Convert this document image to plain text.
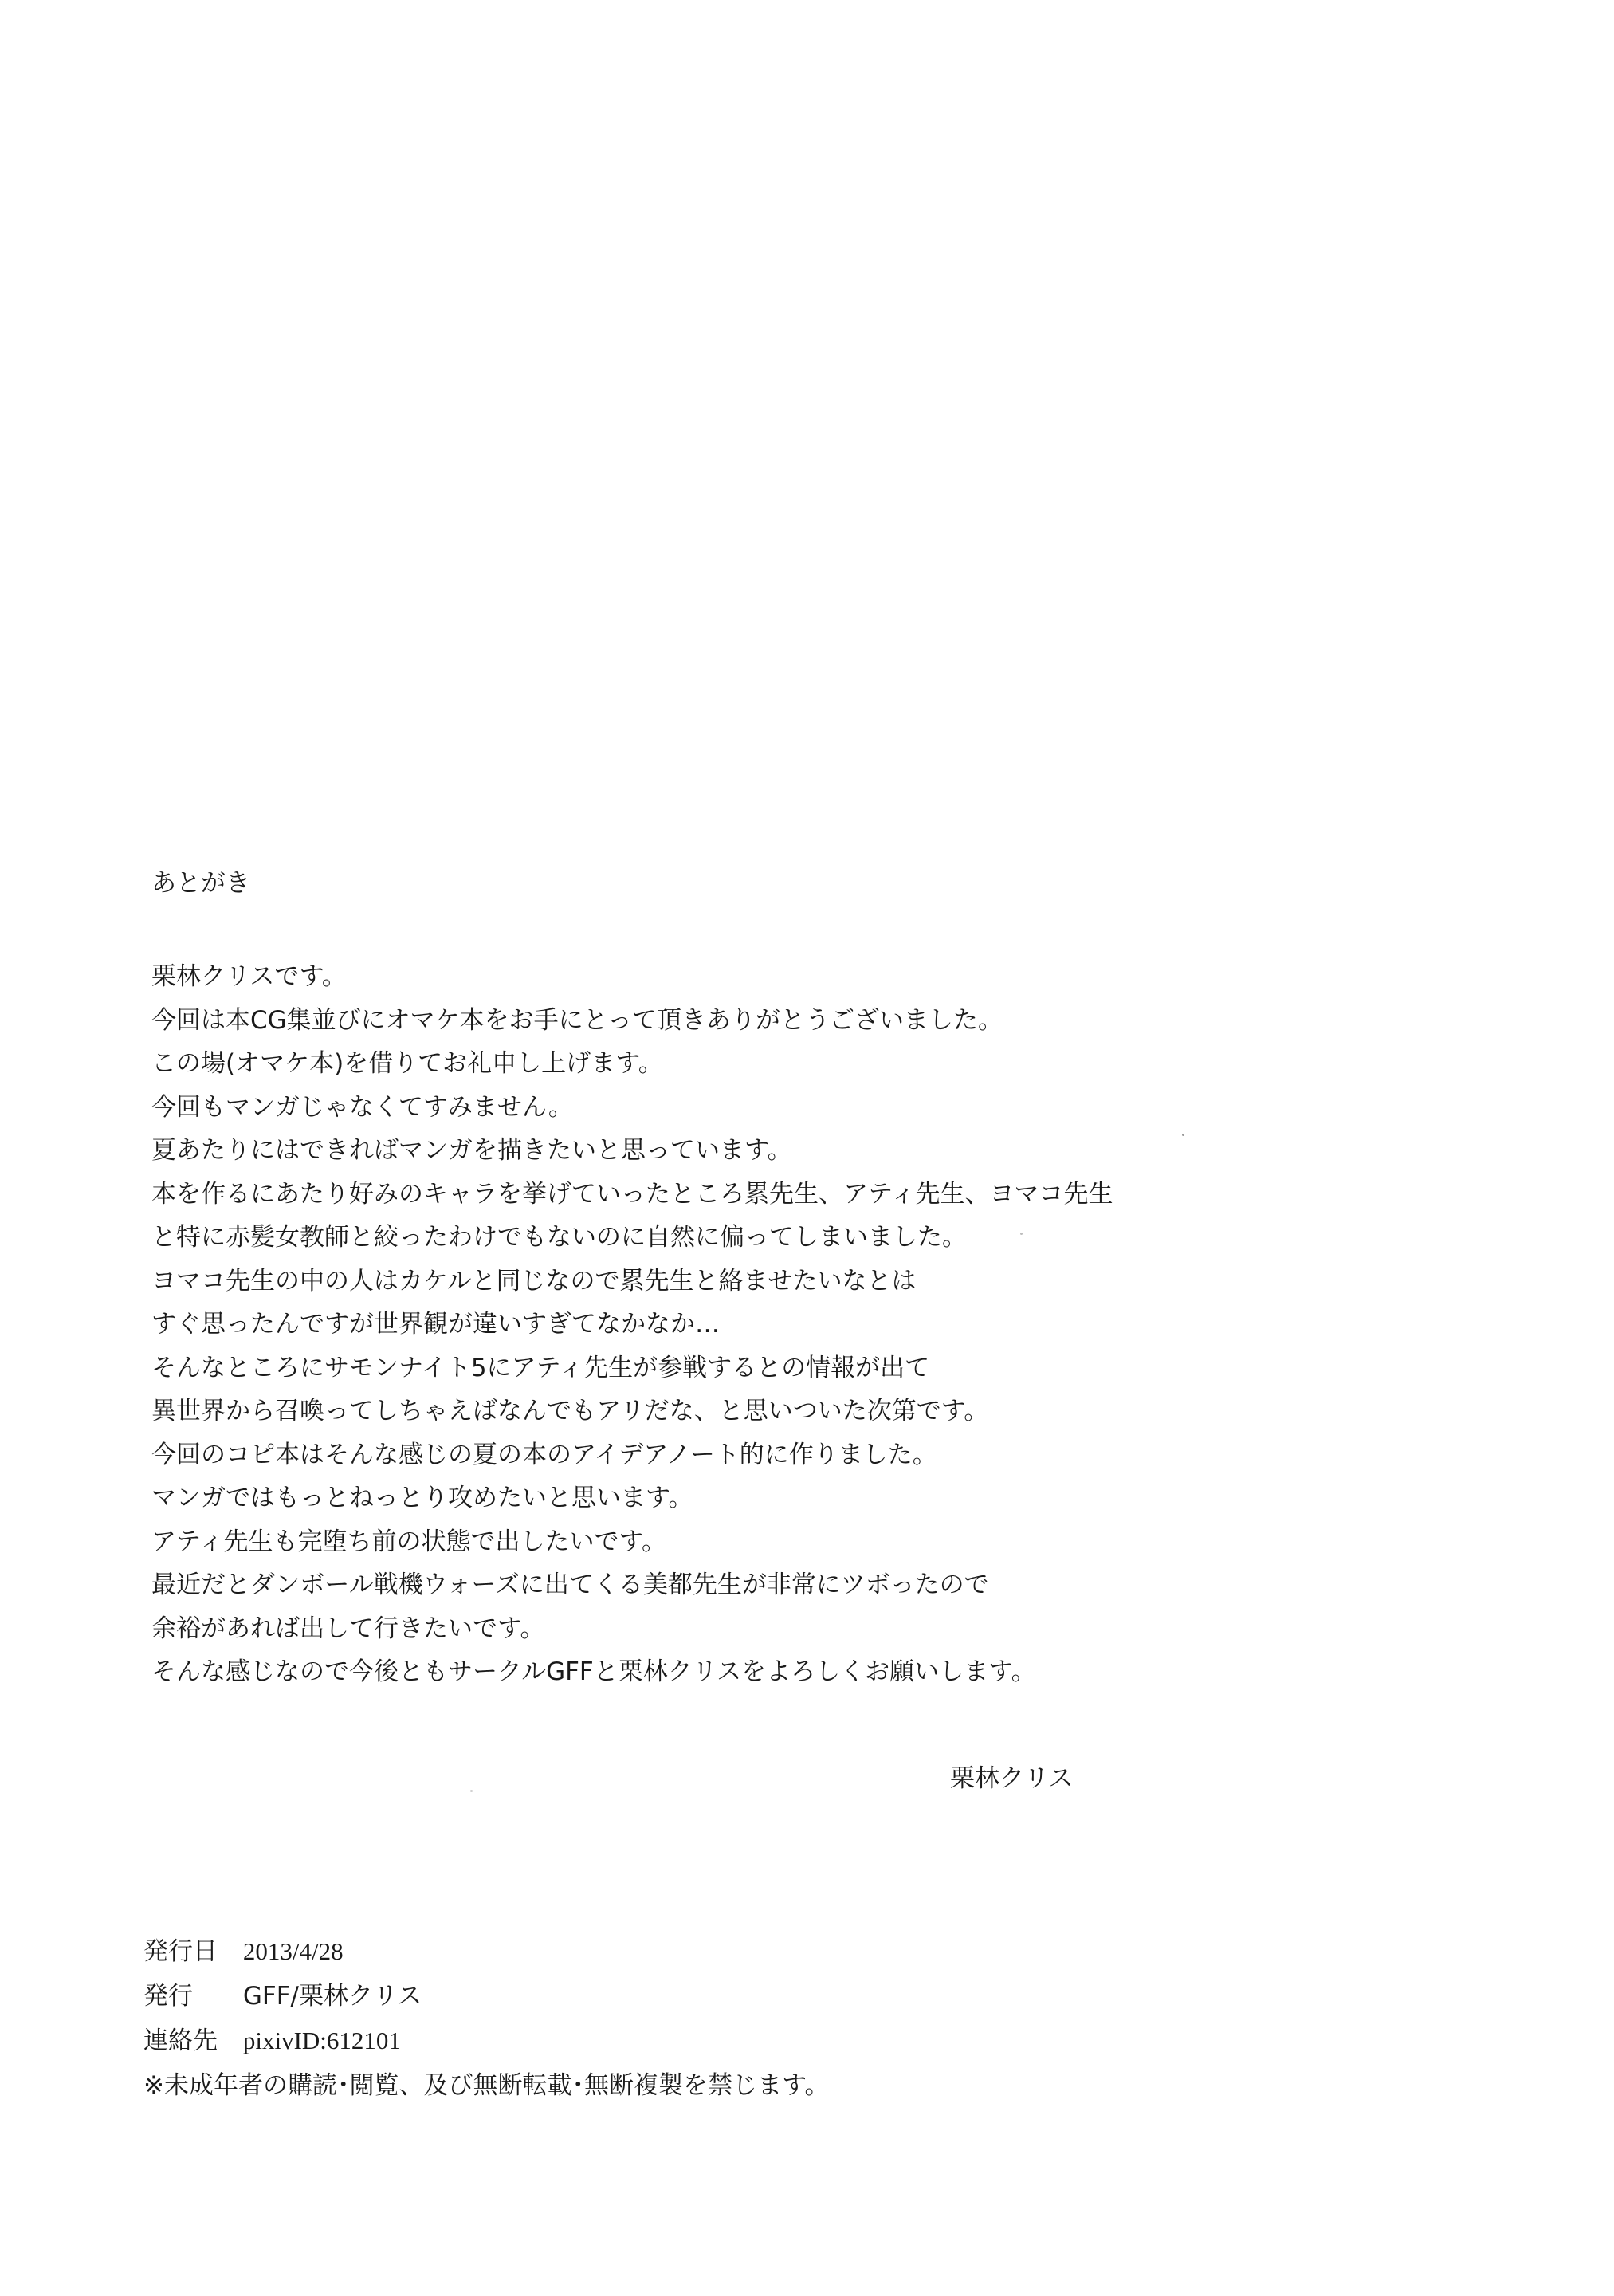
あとがき
栗林クリスです。
今回は本CG集並びにオマケ本をお手にとって頂きありがとうございました。
この場(オマケ本)を借りてお礼申し上げます。
今回もマンガじゃなくてすみません。
夏あたりにはできればマンガを描きたいと思っています。
本を作るにあたり好みのキャラを挙げていったところ累先生、アティ先生、ヨマコ先生
と特に赤髪女教師と絞ったわけでもないのに自然に偏ってしまいました。
ヨマコ先生の中の人はカケルと同じなので累先生と絡ませたいなとは
すぐ思ったんですが世界観が違いすぎてなかなか…
そんなところにサモンナイト5にアティ先生が参戦するとの情報が出て
異世界から召喚ってしちゃえばなんでもアリだな、と思いついた次第です。
今回のコピ本はそんな感じの夏の本のアイデアノート的に作りました。
マンガではもっとねっとり攻めたいと思います。
アティ先生も完堕ち前の状態で出したいです。
最近だとダンボール戦機ウォーズに出てくる美都先生が非常にツボったので
余裕があれば出して行きたいです。
そんな感じなので今後ともサークルGFFと栗林クリスをよろしくお願いします。
栗林クリス
発行日 2013/4/28
発行 GFF/栗林クリス
連絡先 pixivID:612101
※未成年者の購読･閲覧、及び無断転載･無断複製を禁じます。
